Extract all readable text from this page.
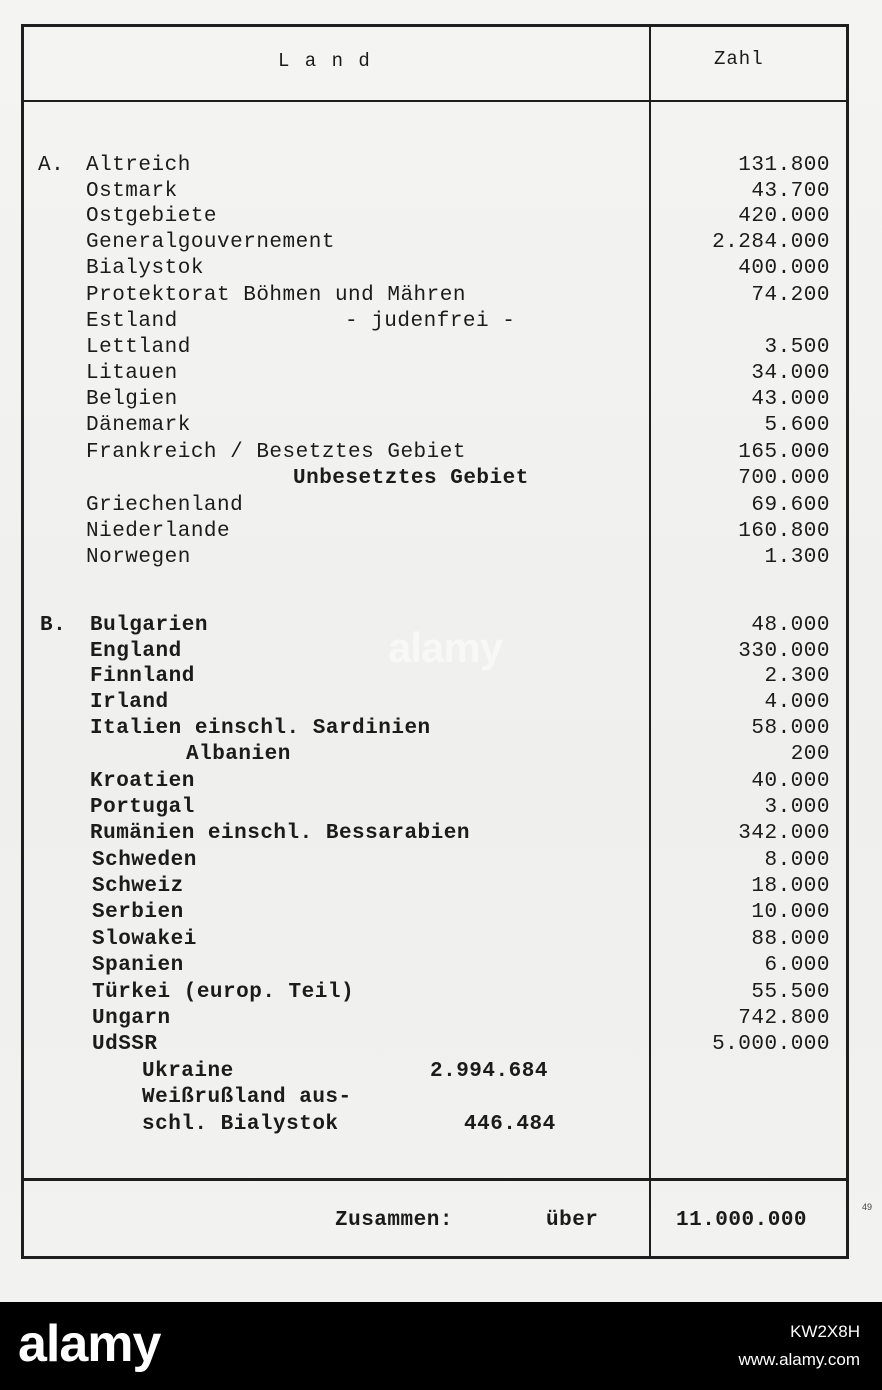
L a n d	Zahl
A. Altreich	131.800
Ostmark	43.700
Ostgebiete	420.000
Generalgouvernement	2.284.000
Bialystok	400.000
Protektorat Böhmen und Mähren	74.200
Estland	- judenfrei -
Lettland	3.500
Litauen	34.000
Belgien	43.000
Dänemark	5.600
Frankreich / Besetztes Gebiet	165.000
Unbesetztes Gebiet	700.000
Griechenland	69.600
Niederlande	160.800
Norwegen	1.300
B. Bulgarien	48.000
England	330.000
Finnland	2.300
Irland	4.000
Italien einschl. Sardinien	58.000
Albanien	200
Kroatien	40.000
Portugal	3.000
Rumänien einschl. Bessarabien	342.000
Schweden	8.000
Schweiz	18.000
Serbien	10.000
Slowakei	88.000
Spanien	6.000
Türkei (europ. Teil)	55.500
Ungarn	742.800
UdSSR	5.000.000
Ukraine	2.994.684
Weißrußland aus-
schl. Bialystok	446.484
Zusammen:	über	11.000.000
49
alamy
alamy	KW2X8H
www.alamy.com
